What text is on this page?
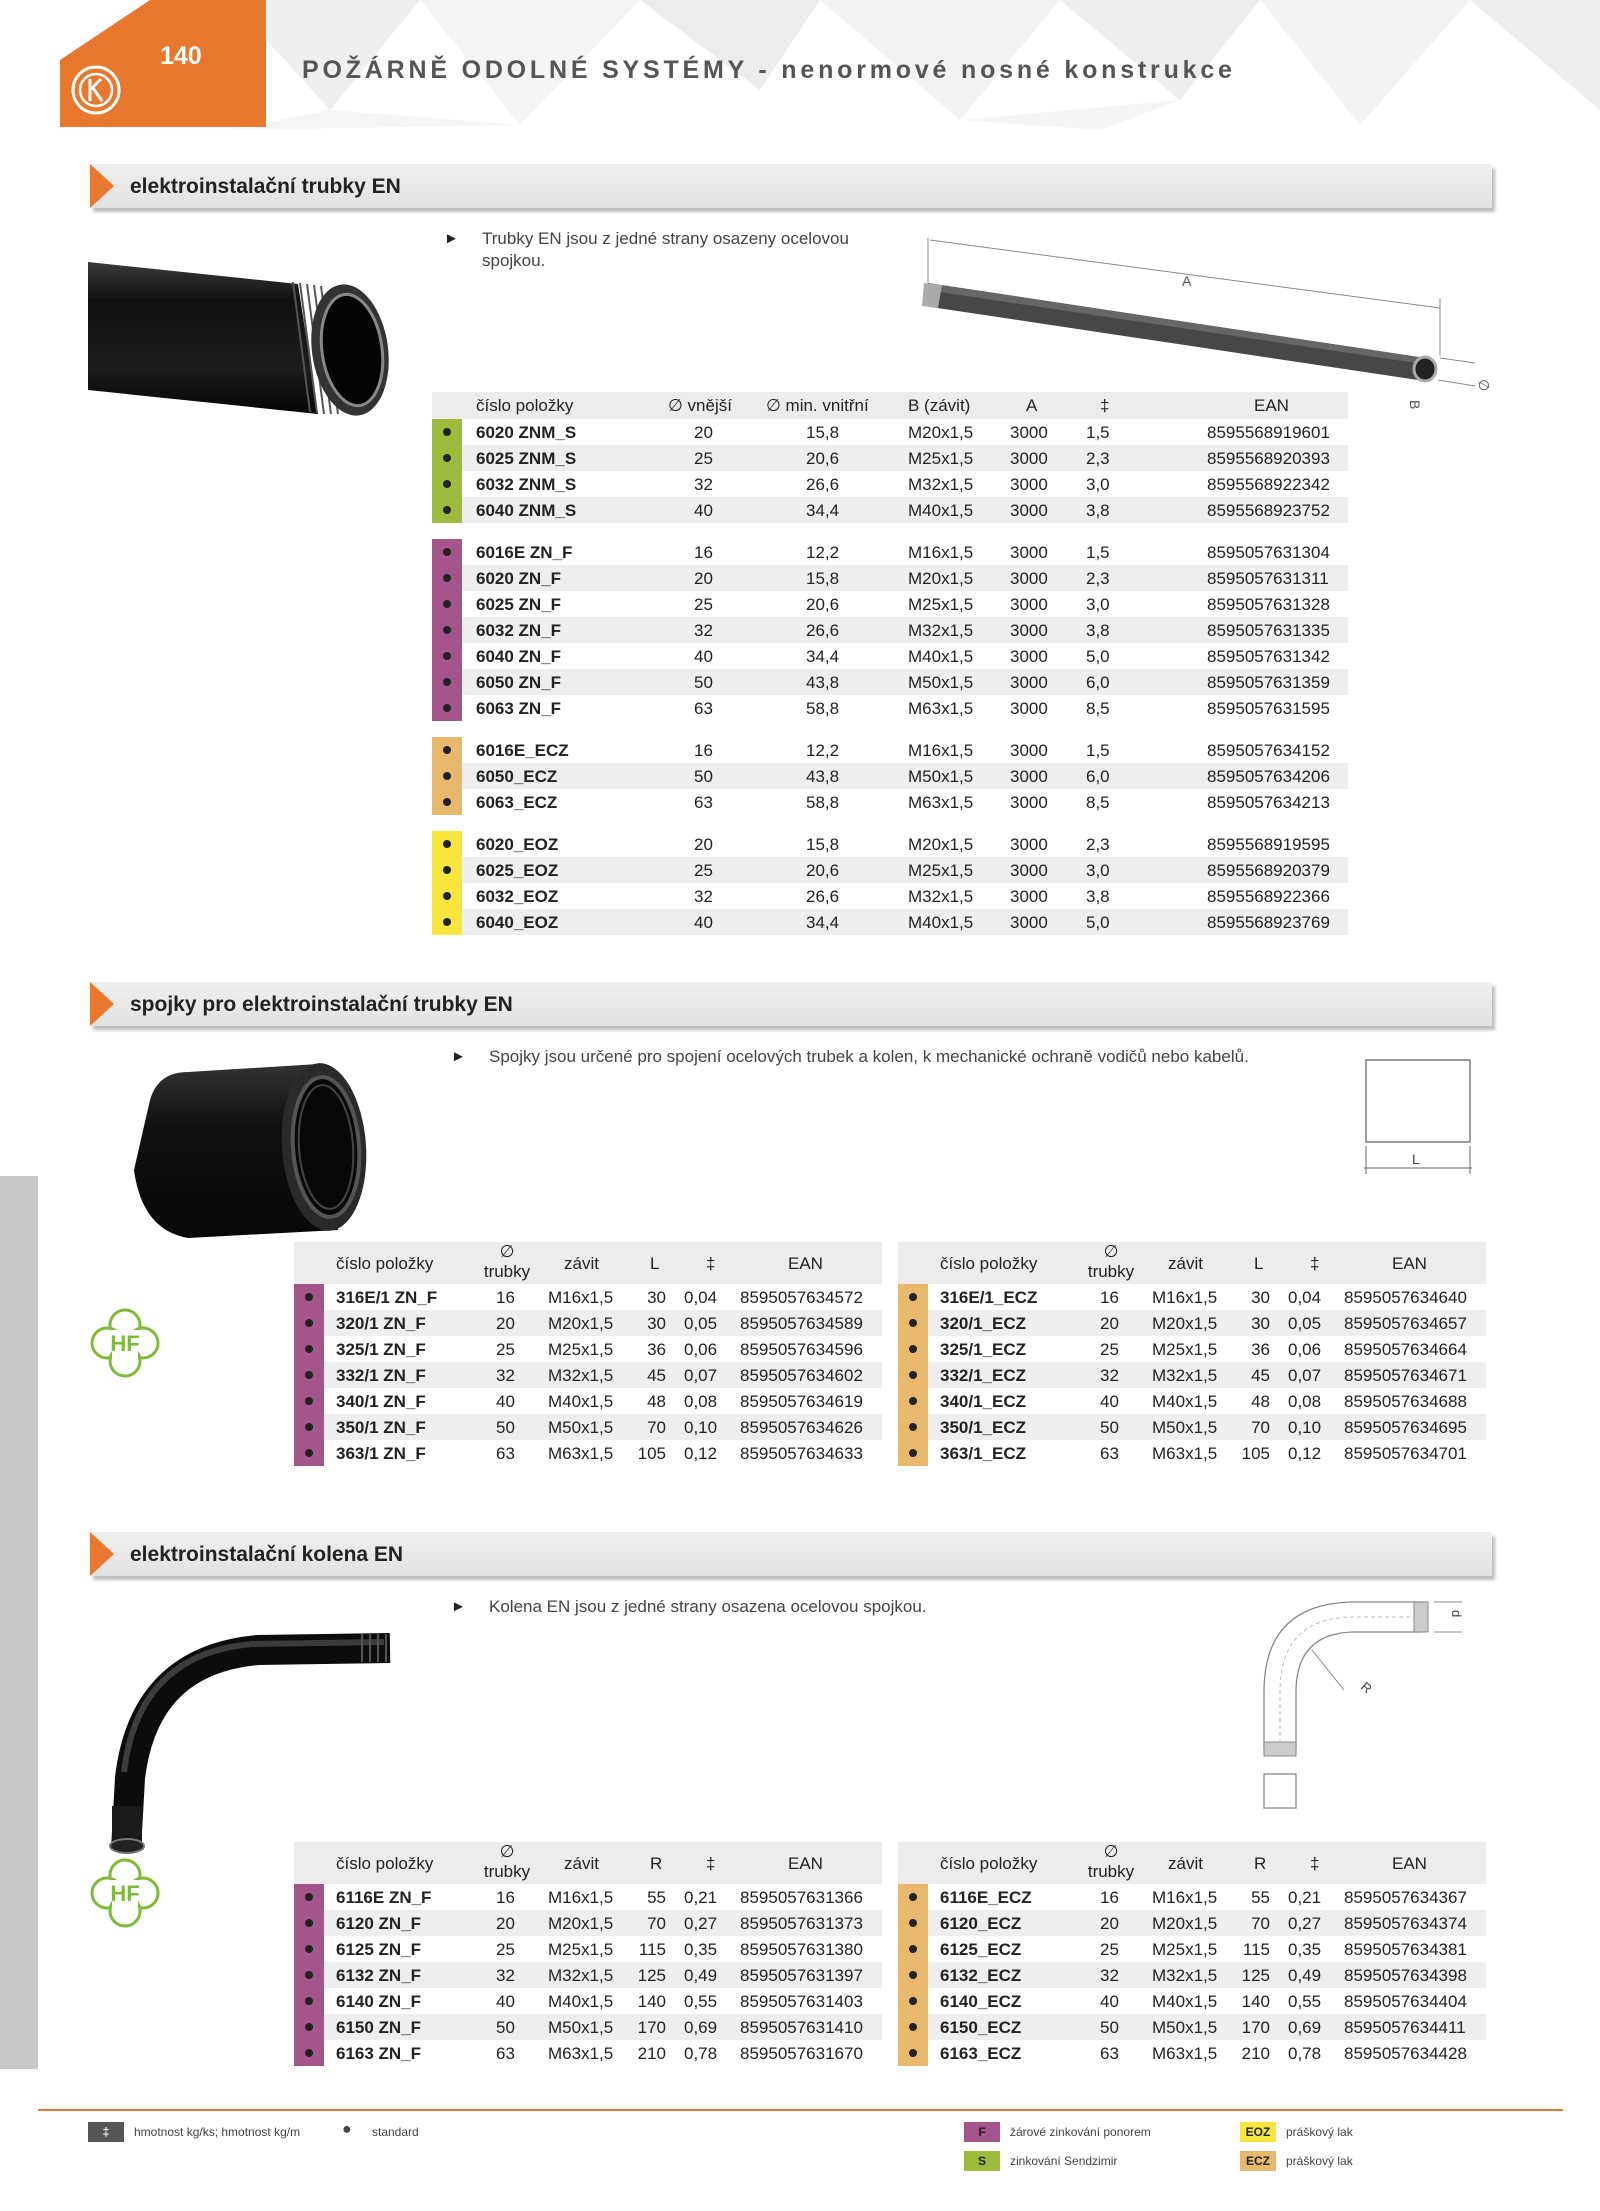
140	POŽÁRNĚ ODOLNÉ SYSTÉMY - nenormové nosné konstrukce
elektroinstalační trubky EN
► Trubky EN jsou z jedné strany osazeny ocelovou spojkou.
A
∅
B
číslo položky	∅ vnější ∅ min. vnitřní B (závit)	A	‡	EAN
6020 ZNM_S	20	15,8	M20x1,5 3000 1,5	8595568919601
6025 ZNM_S	25	20,6	M25x1,5 3000 2,3	8595568920393
6032 ZNM_S	32	26,6	M32x1,5 3000 3,0	8595568922342
6040 ZNM_S	40	34,4	M40x1,5 3000 3,8	8595568923752
6016E ZN_F	16	12,2	M16x1,5 3000 1,5	8595057631304
6020 ZN_F	20	15,8	M20x1,5 3000 2,3	8595057631311
6025 ZN_F	25	20,6	M25x1,5 3000 3,0	8595057631328
6032 ZN_F	32	26,6	M32x1,5 3000 3,8	8595057631335
6040 ZN_F	40	34,4	M40x1,5 3000 5,0	8595057631342
6050 ZN_F	50	43,8	M50x1,5 3000 6,0	8595057631359
6063 ZN_F	63	58,8	M63x1,5 3000 8,5	8595057631595
6016E_ECZ	16	12,2	M16x1,5 3000 1,5	8595057634152
6050_ECZ	50	43,8	M50x1,5 3000 6,0	8595057634206
6063_ECZ	63	58,8	M63x1,5 3000 8,5	8595057634213
6020_EOZ	20	15,8	M20x1,5 3000 2,3	8595568919595
6025_EOZ	25	20,6	M25x1,5 3000 3,0	8595568920379
6032_EOZ	32	26,6	M32x1,5 3000 3,8	8595568922366
6040_EOZ	40	34,4	M40x1,5 3000 5,0	8595568923769
spojky pro elektroinstalační trubky EN
► Spojky jsou určené pro spojení ocelových trubek a kolen, k mechanické ochraně vodičů nebo kabelů.
L
HF
číslo položky
∅
trubky závit	L	‡	EAN
316E/1 ZN_F	16 M16x1,5	30 0,04 8595057634572
320/1 ZN_F	20 M20x1,5	30 0,05 8595057634589
325/1 ZN_F	25 M25x1,5	36 0,06 8595057634596
332/1 ZN_F	32 M32x1,5	45 0,07 8595057634602
340/1 ZN_F	40 M40x1,5	48 0,08 8595057634619
350/1 ZN_F	50 M50x1,5	70 0,10 8595057634626
363/1 ZN_F	63 M63x1,5	105 0,12 8595057634633
číslo položky
∅
trubky závit	L	‡	EAN
316E/1_ECZ	16 M16x1,5	30 0,04 8595057634640
320/1_ECZ	20 M20x1,5	30 0,05 8595057634657
325/1_ECZ	25 M25x1,5	36 0,06 8595057634664
332/1_ECZ	32 M32x1,5	45 0,07 8595057634671
340/1_ECZ	40 M40x1,5	48 0,08 8595057634688
350/1_ECZ	50 M50x1,5	70 0,10 8595057634695
363/1_ECZ	63 M63x1,5	105 0,12 8595057634701
elektroinstalační kolena EN
► Kolena EN jsou z jedné strany osazena ocelovou spojkou.
R
d
HF
číslo položky
∅
trubky závit	R	‡	EAN
6116E ZN_F	16 M16x1,5	55 0,21 8595057631366
6120 ZN_F	20 M20x1,5	70 0,27 8595057631373
6125 ZN_F	25 M25x1,5	115 0,35 8595057631380
6132 ZN_F	32 M32x1,5	125 0,49 8595057631397
6140 ZN_F	40 M40x1,5	140 0,55 8595057631403
6150 ZN_F	50 M50x1,5	170 0,69 8595057631410
6163 ZN_F	63 M63x1,5	210 0,78 8595057631670
číslo položky
∅
trubky závit	R	‡	EAN
6116E_ECZ	16 M16x1,5	55 0,21 8595057634367
6120_ECZ	20 M20x1,5	70 0,27 8595057634374
6125_ECZ	25 M25x1,5	115 0,35 8595057634381
6132_ECZ	32 M32x1,5	125 0,49 8595057634398
6140_ECZ	40 M40x1,5	140 0,55 8595057634404
6150_ECZ	50 M50x1,5	170 0,69 8595057634411
6163_ECZ	63 M63x1,5	210 0,78 8595057634428
‡	hmotnost kg/ks; hmotnost kg/m	● standard	F	žárové zinkování ponorem
S	zinkování Sendzimir
EOZ	práškový lak
ECZ	práškový lak
